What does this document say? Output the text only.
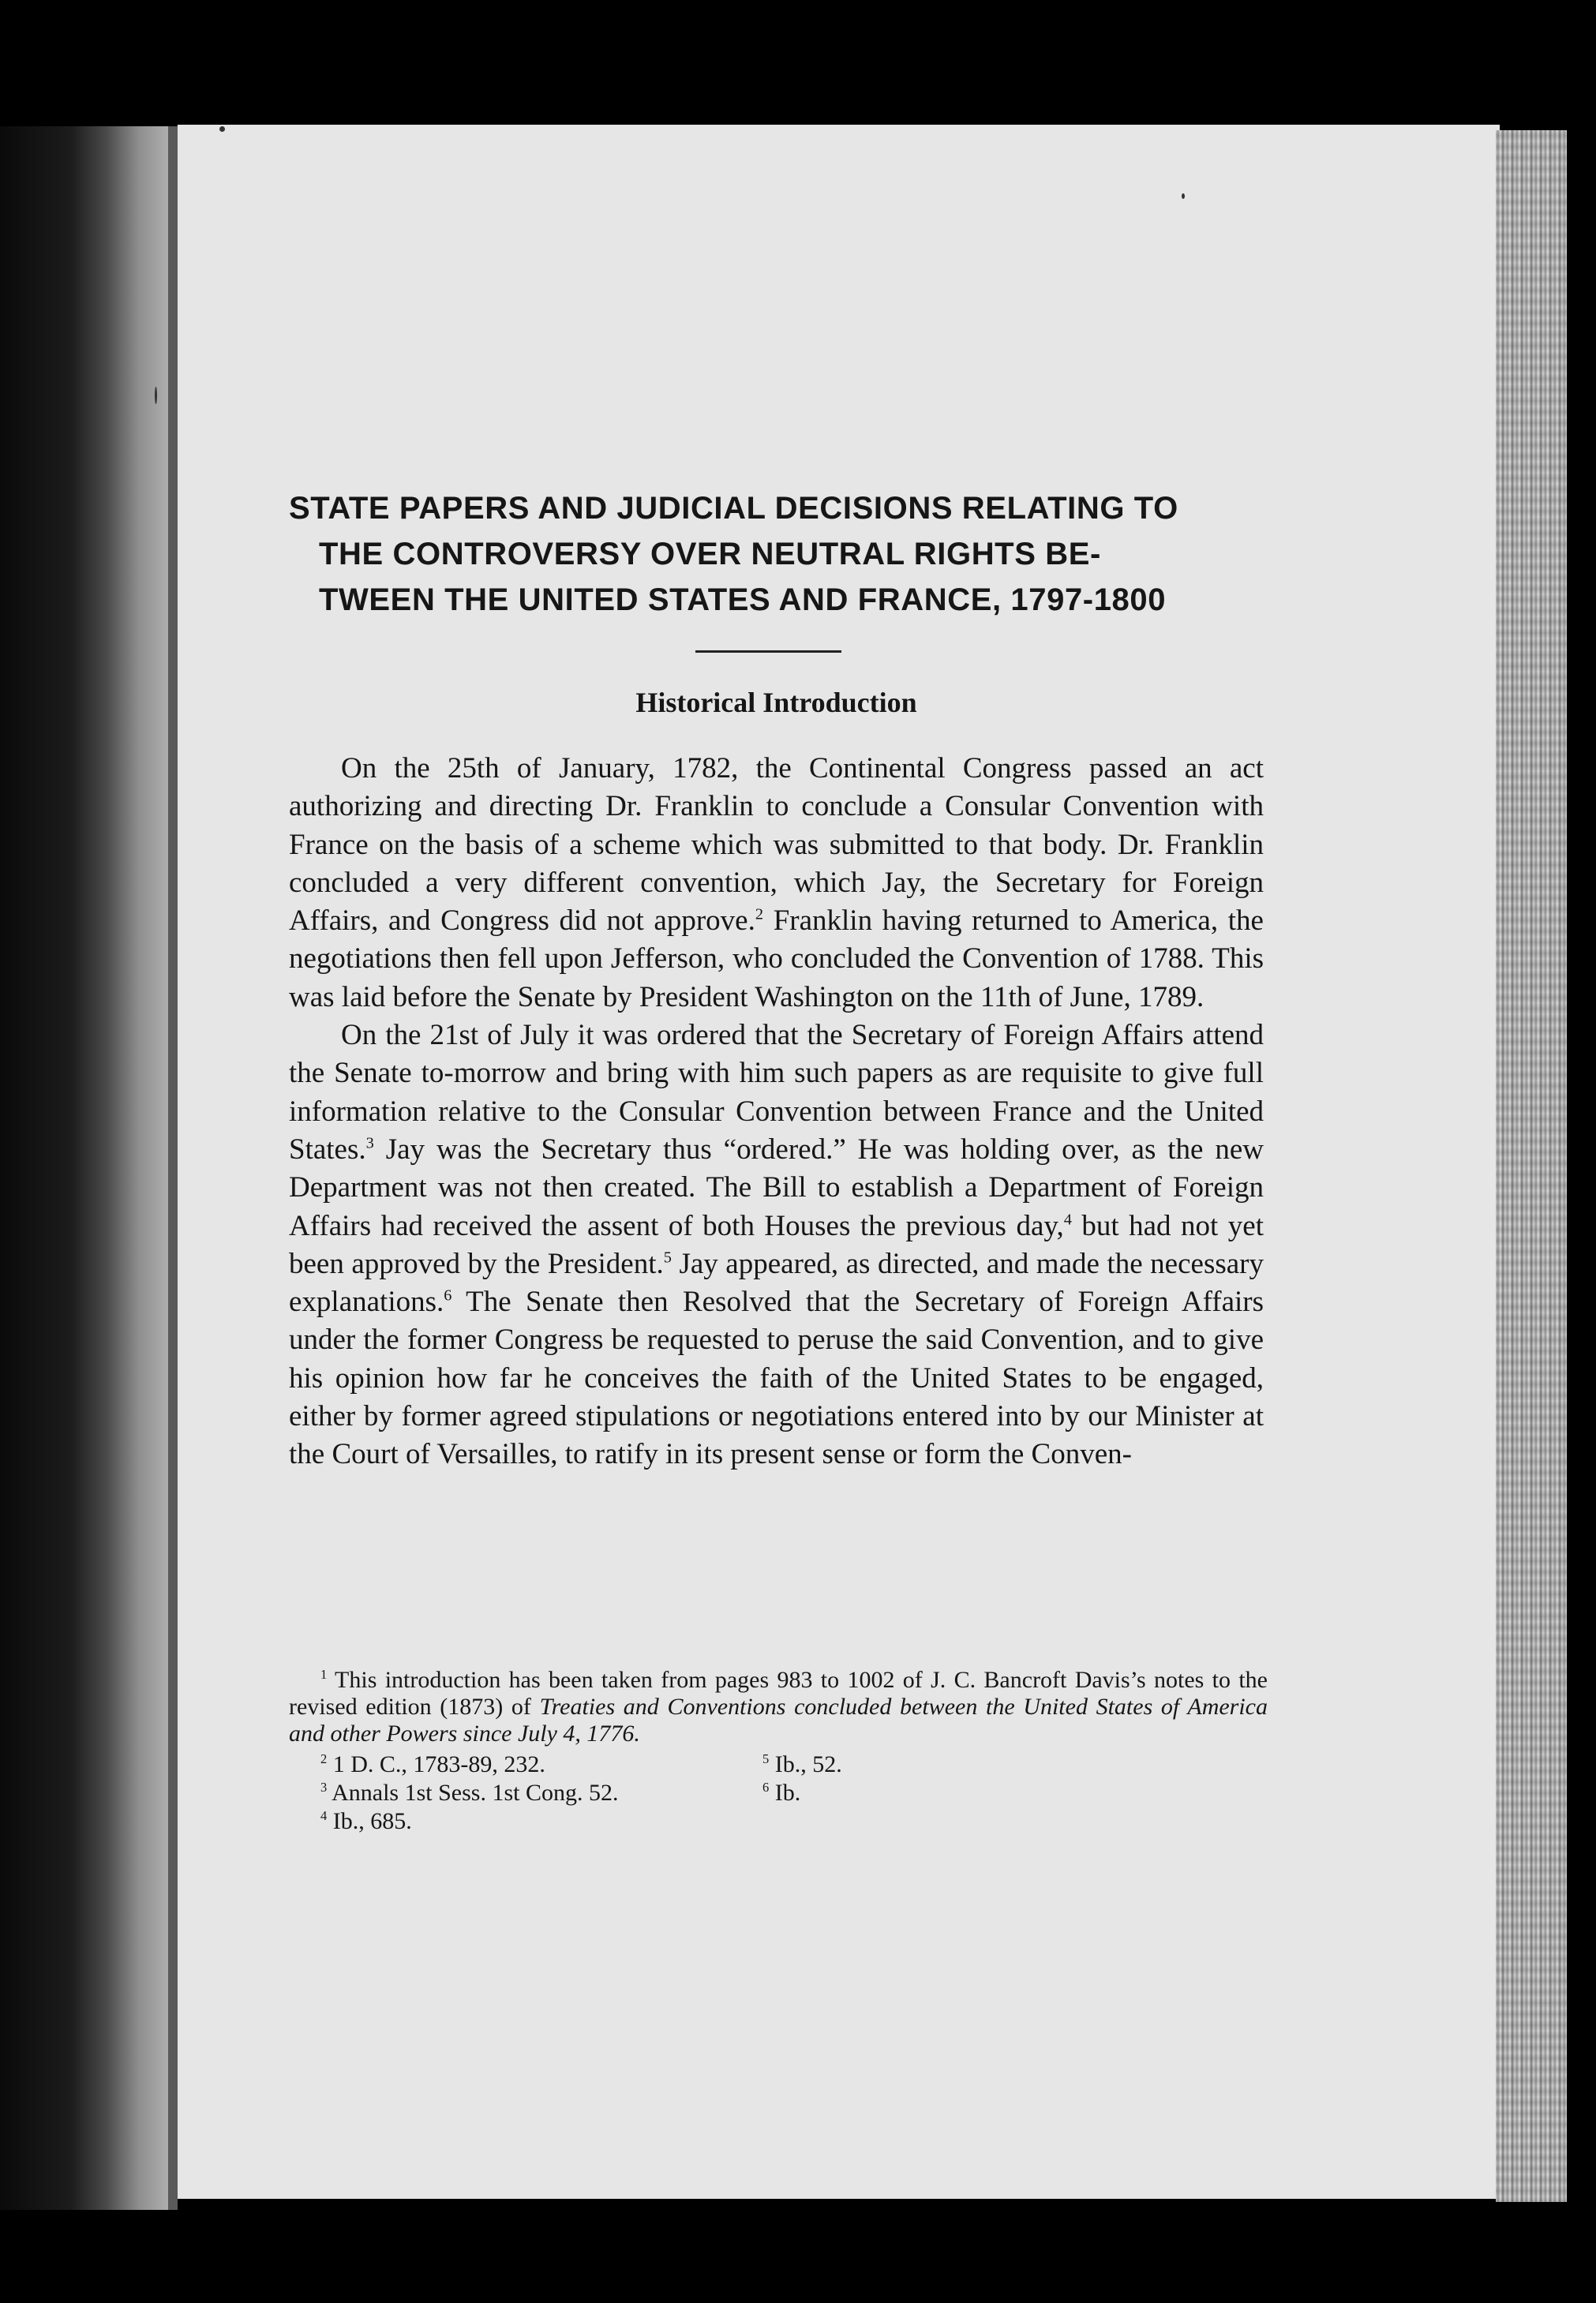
STATE PAPERS AND JUDICIAL DECISIONS RELATING TO
THE CONTROVERSY OVER NEUTRAL RIGHTS BE-
TWEEN THE UNITED STATES AND FRANCE, 1797-1800
Historical Introduction

On the 25th of January, 1782, the Continental Congress passed an act authorizing and directing Dr. Franklin to conclude a Consular Convention with France on the basis of a scheme which was submitted to that body. Dr. Franklin concluded a very different convention, which Jay, the Secretary for Foreign Affairs, and Congress did not approve.$^2$ Franklin having returned to America, the negotiations then fell upon Jefferson, who concluded the Convention of 1788. This was laid before the Senate by President Washington on the 11th of June, 1789.

On the 21st of July it was ordered that the Secretary of Foreign Affairs attend the Senate to-morrow and bring with him such papers as are requisite to give full information relative to the Consular Convention between France and the United States.$^3$ Jay was the Secretary thus “ordered.” He was holding over, as the new Department was not then created. The Bill to establish a Department of Foreign Affairs had received the assent of both Houses the previous day,$^4$ but had not yet been approved by the President.$^5$ Jay appeared, as directed, and made the necessary explanations.$^6$ The Senate then Resolved that the Secretary of Foreign Affairs under the former Congress be requested to peruse the said Convention, and to give his opinion how far he conceives the faith of the United States to be engaged, either by former agreed stipulations or negotiations entered into by our Minister at the Court of Versailles, to ratify in its present sense or form the Conven-

$^1$ This introduction has been taken from pages 983 to 1002 of J. C. Bancroft Davis’s notes to the revised edition (1873) of Treaties and Conventions concluded between the United States of America and other Powers since July 4, 1776.

$^2$ 1 D. C., 1783-89, 232.	$^5$ Ib., 52.
$^3$ Annals 1st Sess. 1st Cong. 52.	$^6$ Ib.
$^4$ Ib., 685.
